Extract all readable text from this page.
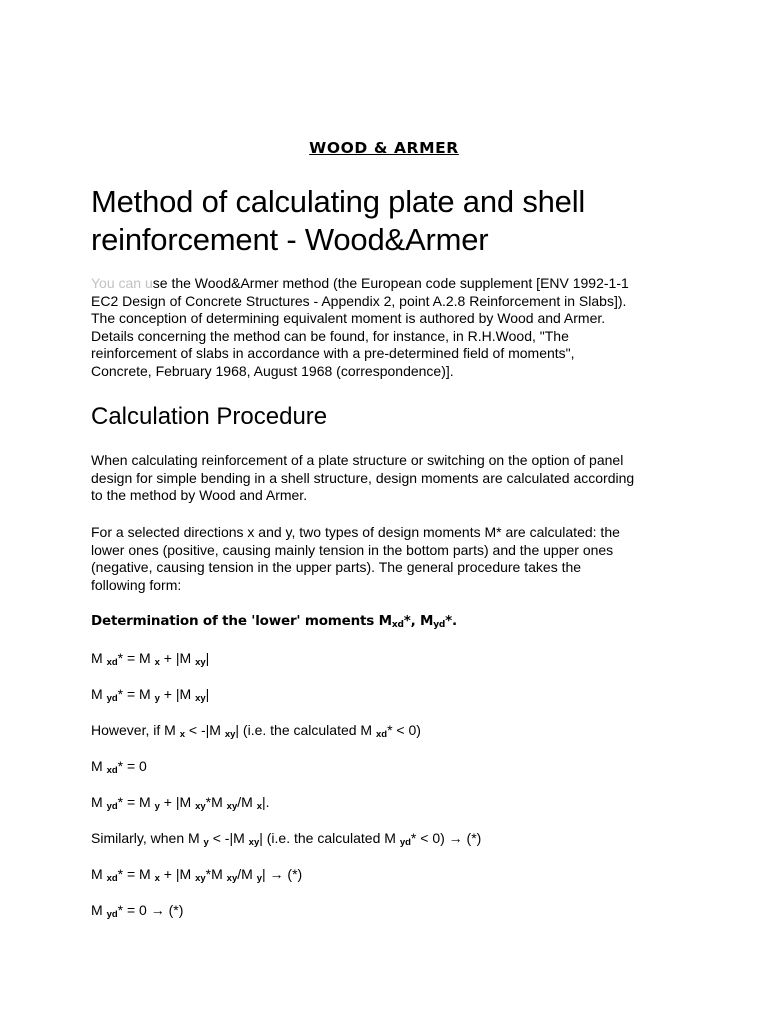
WOOD & ARMER
Method of calculating plate and shell
reinforcement - Wood&Armer
You can use the Wood&Armer method (the European code supplement [ENV 1992-1-1
EC2 Design of Concrete Structures - Appendix 2, point A.2.8 Reinforcement in Slabs]).
The conception of determining equivalent moment is authored by Wood and Armer.
Details concerning the method can be found, for instance, in R.H.Wood, "The
reinforcement of slabs in accordance with a pre-determined field of moments",
Concrete, February 1968, August 1968 (correspondence)].
Calculation Procedure
When calculating reinforcement of a plate structure or switching on the option of panel
design for simple bending in a shell structure, design moments are calculated according
to the method by Wood and Armer.
For a selected directions x and y, two types of design moments M* are calculated: the
lower ones (positive, causing mainly tension in the bottom parts) and the upper ones
(negative, causing tension in the upper parts). The general procedure takes the
following form:
Determination of the 'lower' moments $M_{xd}*$, $M_{yd}*$.
M $_{xd}$* = M $_x$ + |M $_{xy}$|
M $_{yd}$* = M $_y$ + |M $_{xy}$|
However, if M $_x$ < -|M $_{xy}$| (i.e. the calculated M $_{xd}$* < 0)
M $_{xd}$* = 0
M $_{yd}$* = M $_y$ + |M $_{xy}$*M $_{xy}$/M $_x$|.
Similarly, when M $_y$ < -|M $_{xy}$| (i.e. the calculated M $_{yd}$* < 0) → (*)
M $_{xd}$* = M $_x$ + |M $_{xy}$*M $_{xy}$/M $_y$| → (*)
M $_{yd}$* = 0 → (*)
